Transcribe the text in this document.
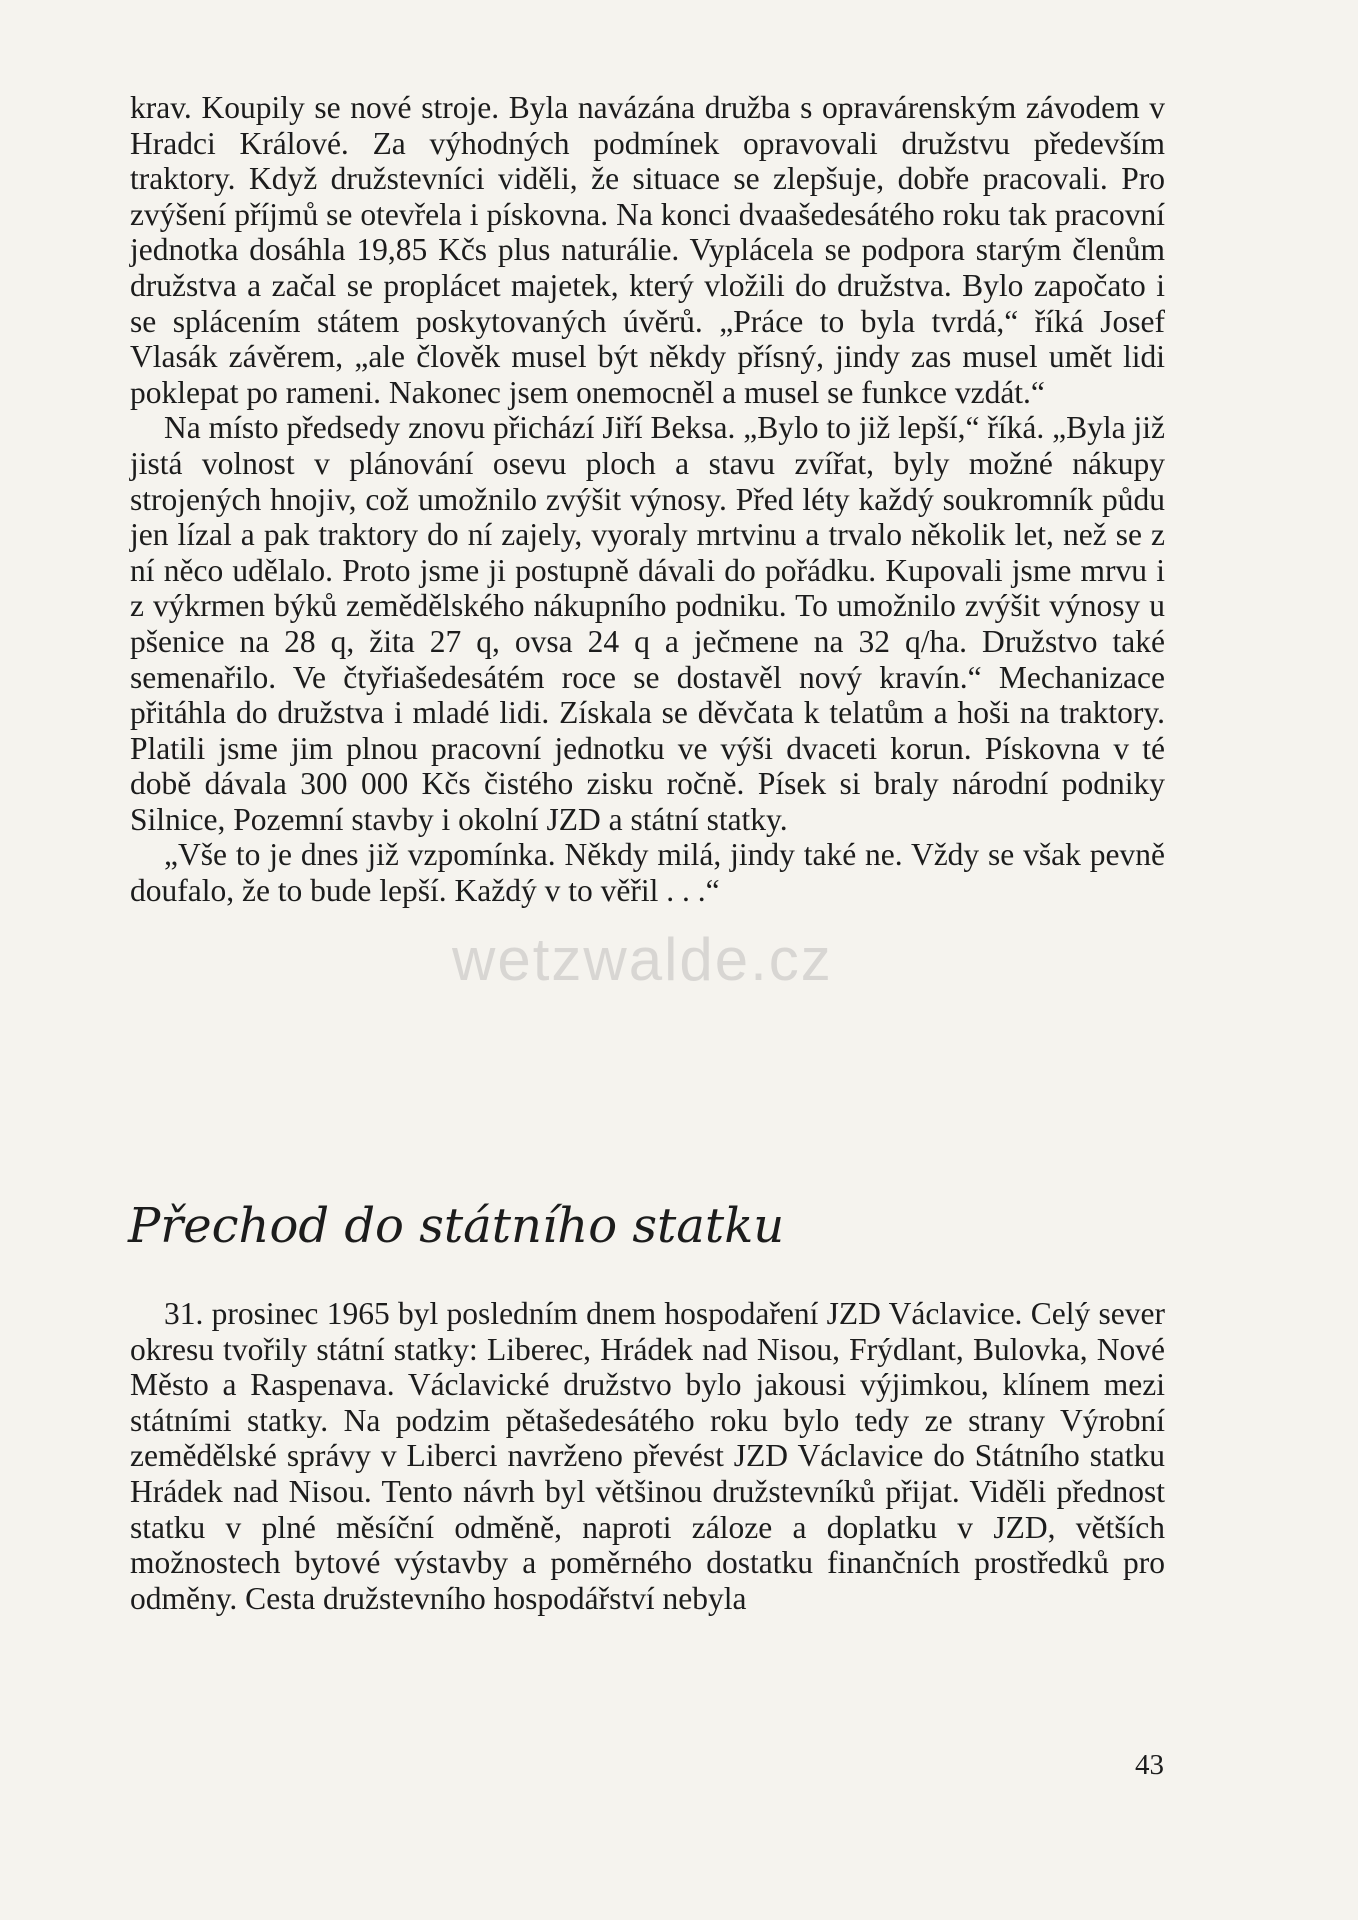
krav. Koupily se nové stroje. Byla navázána družba s opravárenským závodem v Hradci Králové. Za výhodných podmínek opravovali družstvu především traktory. Když družstevníci viděli, že situace se zlepšuje, dobře pracovali. Pro zvýšení příjmů se otevřela i pískovna. Na konci dvaašedesátého roku tak pracovní jednotka dosáhla 19,85 Kčs plus naturálie. Vyplácela se podpora starým členům družstva a začal se proplácet majetek, který vložili do družstva. Bylo započato i se splácením státem poskytovaných úvěrů. „Práce to byla tvrdá,“ říká Josef Vlasák závěrem, „ale člověk musel být někdy přísný, jindy zas musel umět lidi poklepat po rameni. Nakonec jsem onemocněl a musel se funkce vzdát.“

Na místo předsedy znovu přichází Jiří Beksa. „Bylo to již lepší,“ říká. „Byla již jistá volnost v plánování osevu ploch a stavu zvířat, byly možné nákupy strojených hnojiv, což umožnilo zvýšit výnosy. Před léty každý soukromník půdu jen lízal a pak traktory do ní zajely, vyoraly mrtvinu a trvalo několik let, než se z ní něco udělalo. Proto jsme ji postupně dávali do pořádku. Kupovali jsme mrvu i z výkrmen býků zemědělského nákupního podniku. To umožnilo zvýšit výnosy u pšenice na 28 q, žita 27 q, ovsa 24 q a ječmene na 32 q/ha. Družstvo také semenařilo. Ve čtyřiašedesátém roce se dostavěl nový kravín.“ Mechanizace přitáhla do družstva i mladé lidi. Získala se děvčata k telatům a hoši na traktory. Platili jsme jim plnou pracovní jednotku ve výši dvaceti korun. Pískovna v té době dávala 300 000 Kčs čistého zisku ročně. Písek si braly národní podniky Silnice, Pozemní stavby i okolní JZD a státní statky.

„Vše to je dnes již vzpomínka. Někdy milá, jindy také ne. Vždy se však pevně doufalo, že to bude lepší. Každý v to věřil . . .“

Přechod do státního statku

31. prosinec 1965 byl posledním dnem hospodaření JZD Václavice. Celý sever okresu tvořily státní statky: Liberec, Hrádek nad Nisou, Frýdlant, Bulovka, Nové Město a Raspenava. Václavické družstvo bylo jakousi výjimkou, klínem mezi státními statky. Na podzim pětašedesátého roku bylo tedy ze strany Výrobní zemědělské správy v Liberci navrženo převést JZD Václavice do Státního statku Hrádek nad Nisou. Tento návrh byl většinou družstevníků přijat. Viděli přednost statku v plné měsíční odměně, naproti záloze a doplatku v JZD, větších možnostech bytové výstavby a poměrného dostatku finančních prostředků pro odměny. Cesta družstevního hospodářství nebyla

43
wetzwalde.cz
